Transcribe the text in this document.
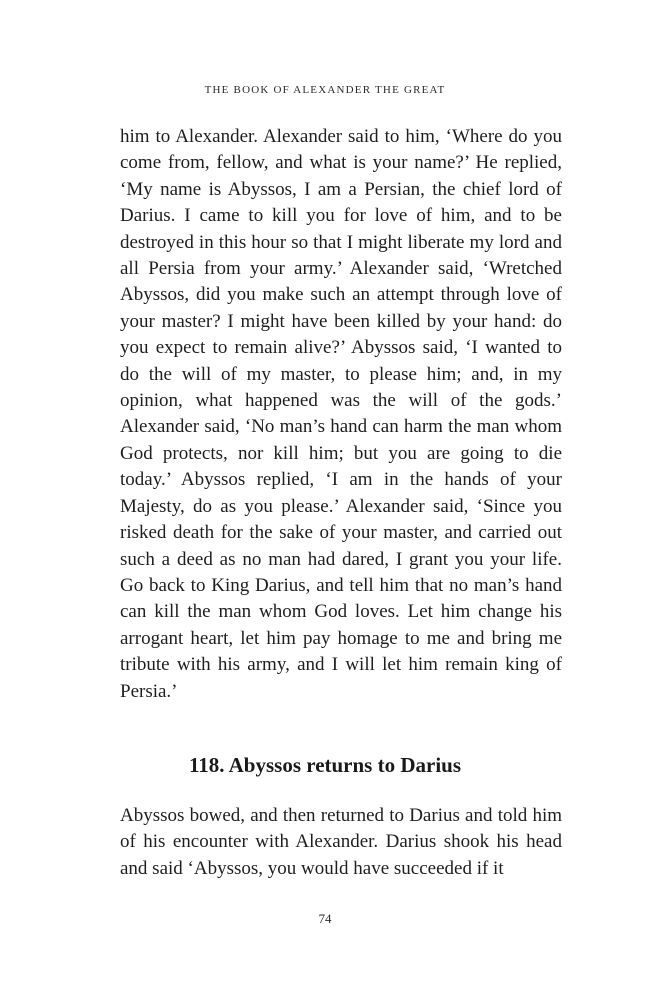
THE BOOK OF ALEXANDER THE GREAT

him to Alexander. Alexander said to him, ‘Where do you come from, fellow, and what is your name?’ He replied, ‘My name is Abyssos, I am a Persian, the chief lord of Darius. I came to kill you for love of him, and to be destroyed in this hour so that I might liberate my lord and all Persia from your army.’ Alexander said, ‘Wretched Abyssos, did you make such an attempt through love of your master? I might have been killed by your hand: do you expect to remain alive?’ Abyssos said, ‘I wanted to do the will of my master, to please him; and, in my opinion, what happened was the will of the gods.’ Alexander said, ‘No man’s hand can harm the man whom God protects, nor kill him; but you are going to die today.’ Abyssos replied, ‘I am in the hands of your Majesty, do as you please.’ Alexander said, ‘Since you risked death for the sake of your master, and carried out such a deed as no man had dared, I grant you your life. Go back to King Darius, and tell him that no man’s hand can kill the man whom God loves. Let him change his arrogant heart, let him pay homage to me and bring me tribute with his army, and I will let him remain king of Persia.’

118. Abyssos returns to Darius

Abyssos bowed, and then returned to Darius and told him of his encounter with Alexander. Darius shook his head and said ‘Abyssos, you would have succeeded if it

74
